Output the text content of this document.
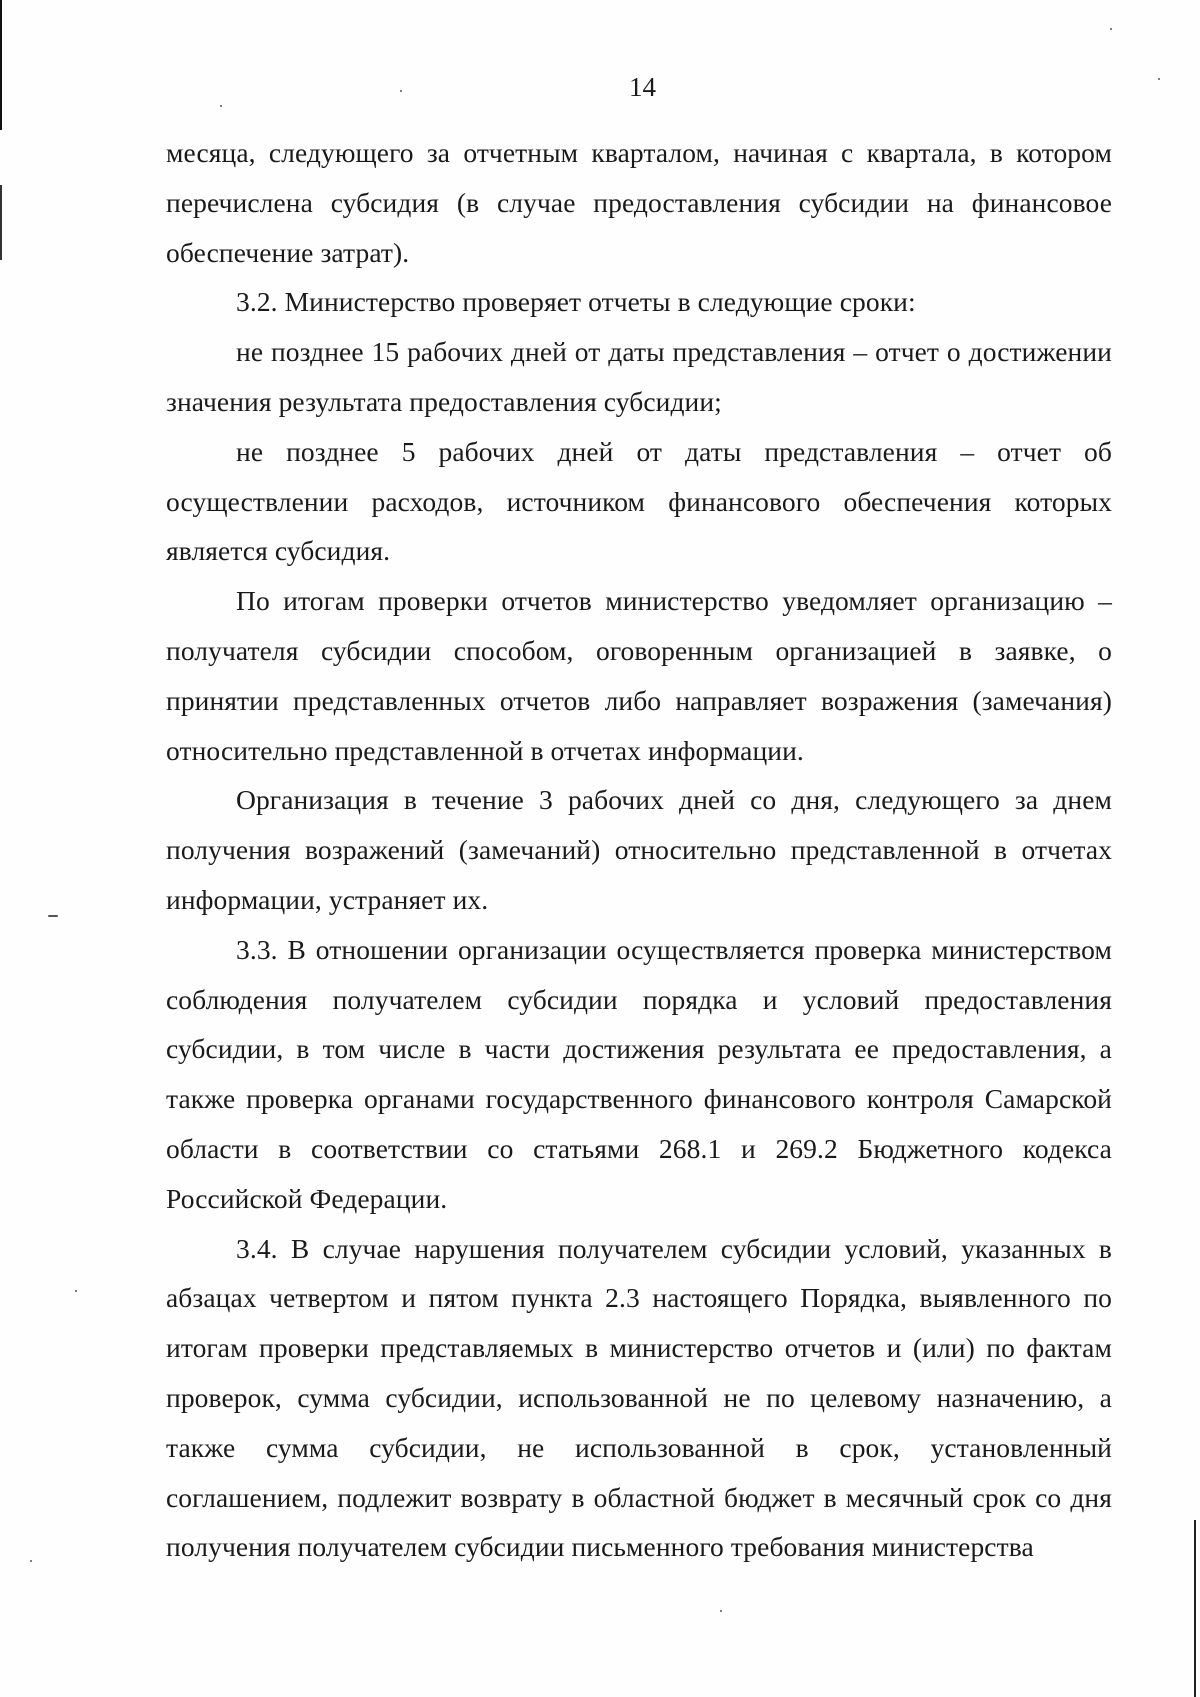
14

месяца, следующего за отчетным кварталом, начиная с квартала, в котором перечислена субсидия (в случае предоставления субсидии на финансовое обеспечение затрат).

3.2. Министерство проверяет отчеты в следующие сроки:

не позднее 15 рабочих дней от даты представления – отчет о достижении значения результата предоставления субсидии;

не позднее 5 рабочих дней от даты представления – отчет об осуществлении расходов, источником финансового обеспечения которых является субсидия.

По итогам проверки отчетов министерство уведомляет организацию – получателя субсидии способом, оговоренным организацией в заявке, о принятии представленных отчетов либо направляет возражения (замечания) относительно представленной в отчетах информации.

Организация в течение 3 рабочих дней со дня, следующего за днем получения возражений (замечаний) относительно представленной в отчетах информации, устраняет их.

3.3. В отношении организации осуществляется проверка министерством соблюдения получателем субсидии порядка и условий предоставления субсидии, в том числе в части достижения результата ее предоставления, а также проверка органами государственного финансового контроля Самарской области в соответствии со статьями 268.1 и 269.2 Бюджетного кодекса Российской Федерации.

3.4. В случае нарушения получателем субсидии условий, указанных в абзацах четвертом и пятом пункта 2.3 настоящего Порядка, выявленного по итогам проверки представляемых в министерство отчетов и (или) по фактам проверок, сумма субсидии, использованной не по целевому назначению, а также сумма субсидии, не использованной в срок, установленный соглашением, подлежит возврату в областной бюджет в месячный срок со дня получения получателем субсидии письменного требования министерства
